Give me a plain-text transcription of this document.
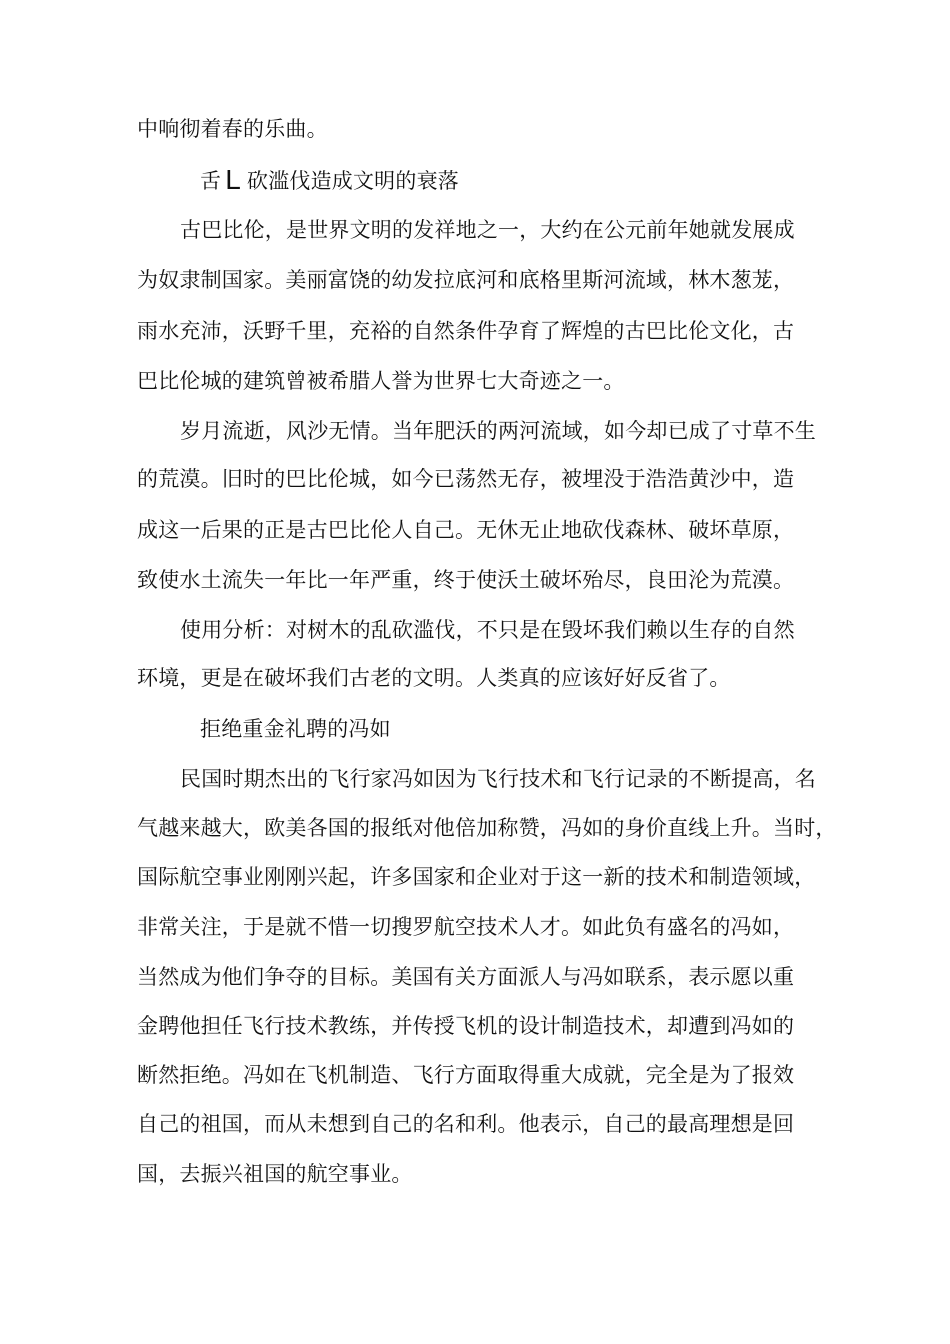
中响彻着春的乐曲。
舌 L 砍滥伐造成文明的衰落
古巴比伦，是世界文明的发祥地之一，大约在公元前年她就发展成
为奴隶制国家。美丽富饶的幼发拉底河和底格里斯河流域，林木葱茏，
雨水充沛，沃野千里，充裕的自然条件孕育了辉煌的古巴比伦文化，古
巴比伦城的建筑曾被希腊人誉为世界七大奇迹之一。
岁月流逝，风沙无情。当年肥沃的两河流域，如今却已成了寸草不生
的荒漠。旧时的巴比伦城，如今已荡然无存，被埋没于浩浩黄沙中，造
成这一后果的正是古巴比伦人自己。无休无止地砍伐森林、破坏草原，
致使水土流失一年比一年严重，终于使沃土破坏殆尽，良田沦为荒漠。
使用分析：对树木的乱砍滥伐，不只是在毁坏我们赖以生存的自然
环境，更是在破坏我们古老的文明。人类真的应该好好反省了。
拒绝重金礼聘的冯如
民国时期杰出的飞行家冯如因为飞行技术和飞行记录的不断提高，名
气越来越大，欧美各国的报纸对他倍加称赞，冯如的身价直线上升。当时，
国际航空事业刚刚兴起，许多国家和企业对于这一新的技术和制造领域，
非常关注，于是就不惜一切搜罗航空技术人才。如此负有盛名的冯如，
当然成为他们争夺的目标。美国有关方面派人与冯如联系，表示愿以重
金聘他担任飞行技术教练，并传授飞机的设计制造技术，却遭到冯如的
断然拒绝。冯如在飞机制造、飞行方面取得重大成就，完全是为了报效
自己的祖国，而从未想到自己的名和利。他表示，自己的最高理想是回
国，去振兴祖国的航空事业。
